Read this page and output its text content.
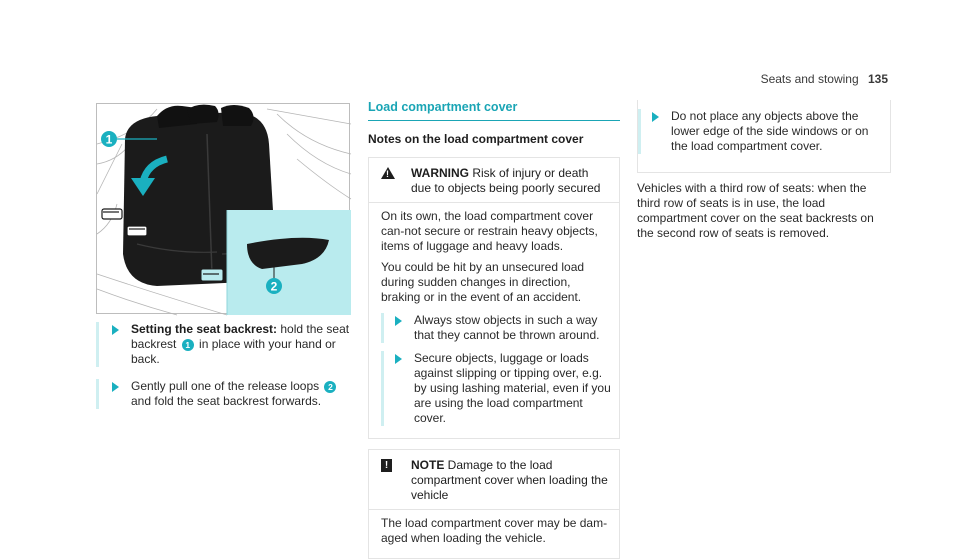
Seats and stowing 135
1
2
Setting the seat backrest: hold the seat backrest 1 in place with your hand or back.
Gently pull one of the release loops 2 and fold the seat backrest forwards.
Load compartment cover
Notes on the load compartment cover
! WARNING Risk of injury or death due to objects being poorly secured

On its own, the load compartment cover can-not secure or restrain heavy objects, items of luggage and heavy loads.

You could be hit by an unsecured load during sudden changes in direction, braking or in the event of an accident.

Always stow objects in such a way that they cannot be thrown around.
Secure objects, luggage or loads against slipping or tipping over, e.g. by using lashing material, even if you are using the load compartment cover.
!	NOTE Damage to the load compartment cover when loading the vehicle

The load compartment cover may be dam-aged when loading the vehicle.

Do not place any objects above the lower edge of the side windows or on the load compartment cover.

Vehicles with a third row of seats: when the third row of seats is in use, the load compartment cover on the seat backrests on the second row of seats is removed.
